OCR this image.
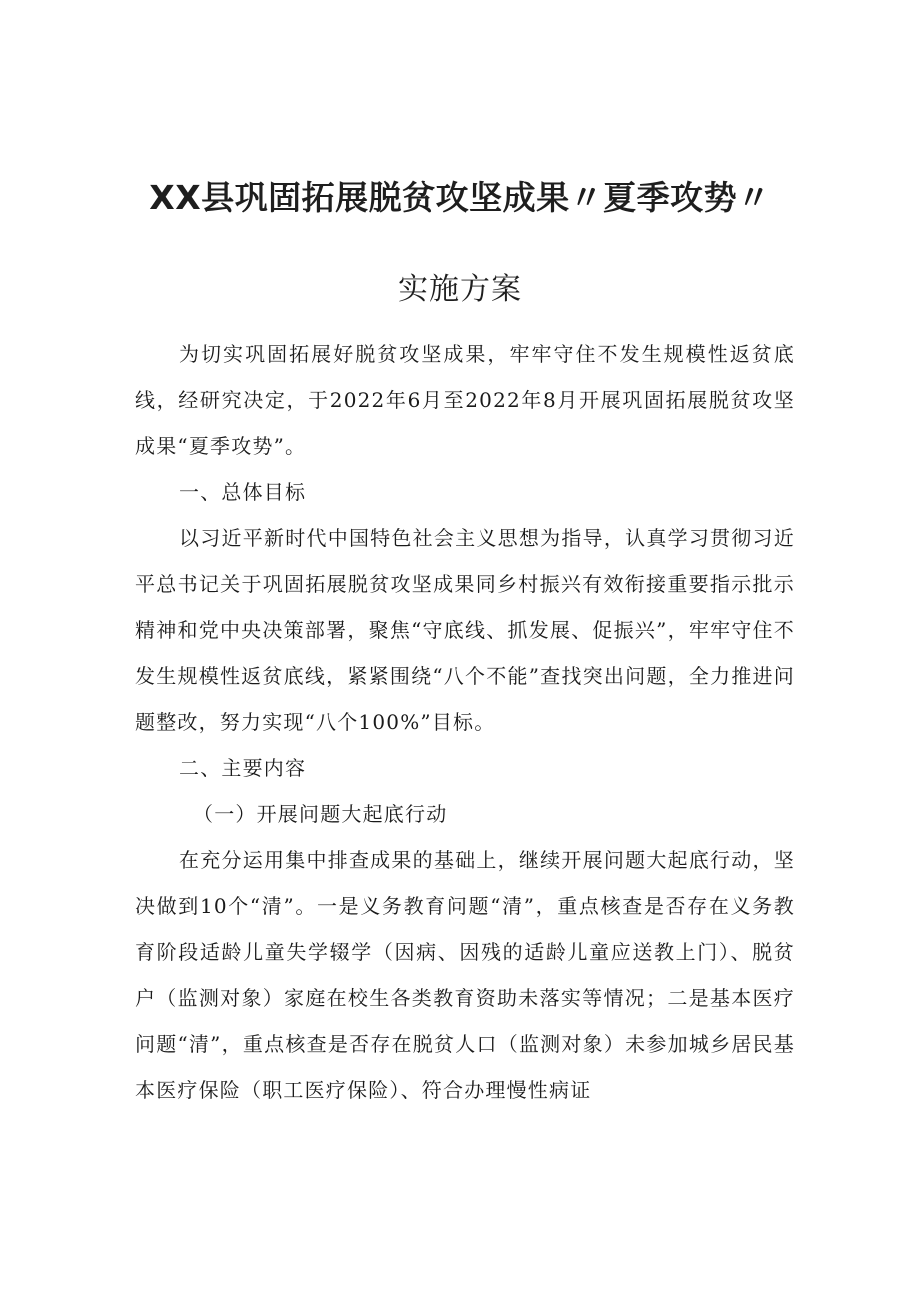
XX县巩固拓展脱贫攻坚成果〃夏季攻势〃
实施方案

为切实巩固拓展好脱贫攻坚成果，牢牢守住不发生规模性返贫底线，经研究决定，于2022年6月至2022年8月开展巩固拓展脱贫攻坚成果“夏季攻势”。

一、总体目标

以习近平新时代中国特色社会主义思想为指导，认真学习贯彻习近平总书记关于巩固拓展脱贫攻坚成果同乡村振兴有效衔接重要指示批示精神和党中央决策部署，聚焦“守底线、抓发展、促振兴”，牢牢守住不发生规模性返贫底线，紧紧围绕“八个不能”查找突出问题，全力推进问题整改，努力实现“八个100%”目标。

二、主要内容

（一）开展问题大起底行动

在充分运用集中排查成果的基础上，继续开展问题大起底行动，坚决做到10个“清”。一是义务教育问题“清”，重点核查是否存在义务教育阶段适龄儿童失学辍学（因病、因残的适龄儿童应送教上门）、脱贫户（监测对象）家庭在校生各类教育资助未落实等情况；二是基本医疗问题“清”，重点核查是否存在脱贫人口（监测对象）未参加城乡居民基本医疗保险（职工医疗保险）、符合办理慢性病证
